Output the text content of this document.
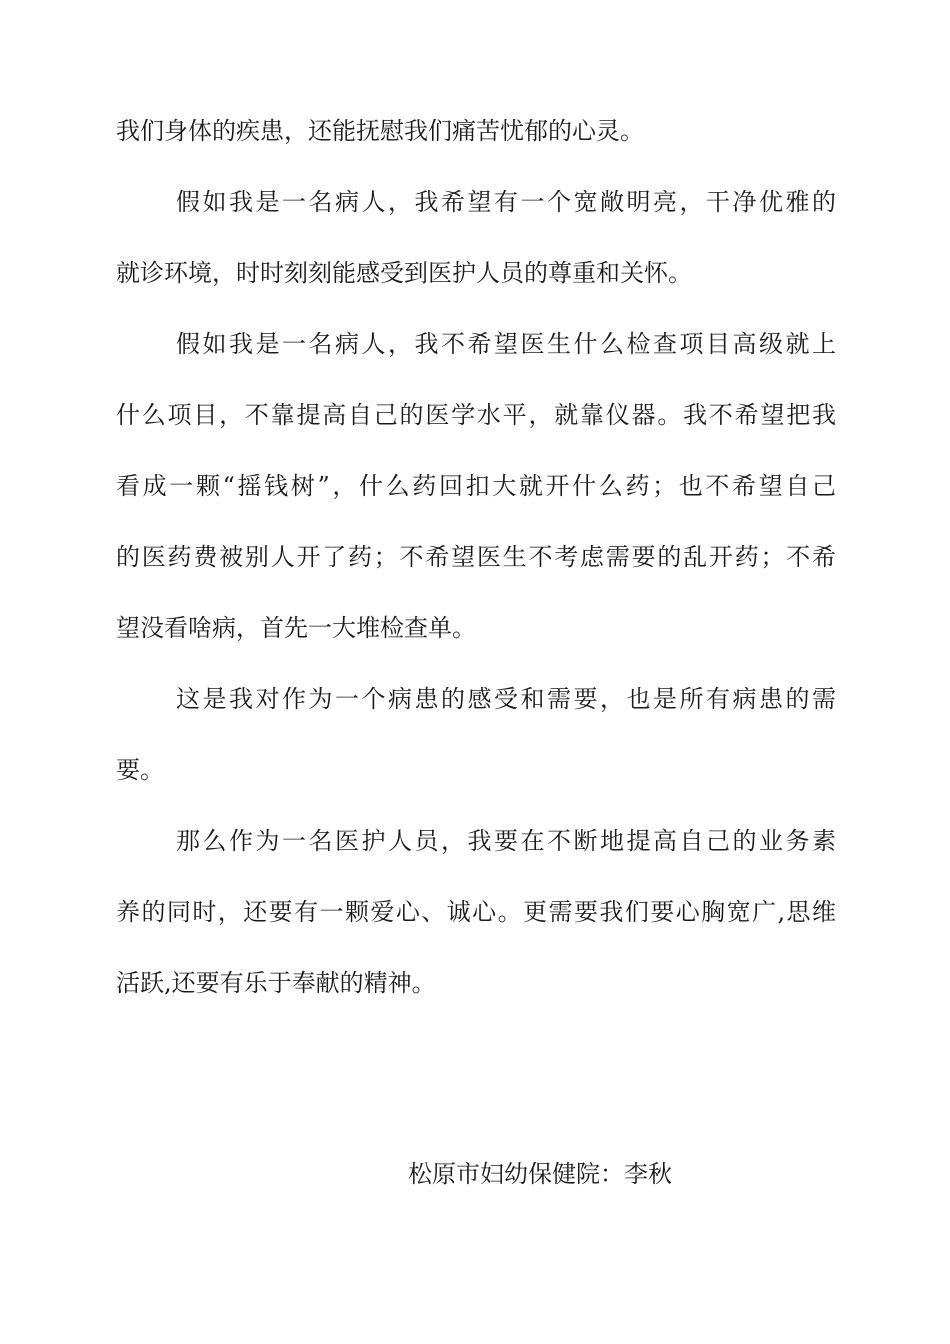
我们身体的疾患，还能抚慰我们痛苦忧郁的心灵。
假如我是一名病人，我希望有一个宽敞明亮，干净优雅的
就诊环境，时时刻刻能感受到医护人员的尊重和关怀。
假如我是一名病人，我不希望医生什么检查项目高级就上
什么项目，不靠提高自己的医学水平，就靠仪器。我不希望把我
看成一颗“摇钱树”，什么药回扣大就开什么药；也不希望自己
的医药费被别人开了药；不希望医生不考虑需要的乱开药；不希
望没看啥病，首先一大堆检查单。
这是我对作为一个病患的感受和需要，也是所有病患的需
要。
那么作为一名医护人员，我要在不断地提高自己的业务素
养的同时，还要有一颗爱心、诚心。更需要我们要心胸宽广,思维
活跃,还要有乐于奉献的精神。
松原市妇幼保健院：李秋
